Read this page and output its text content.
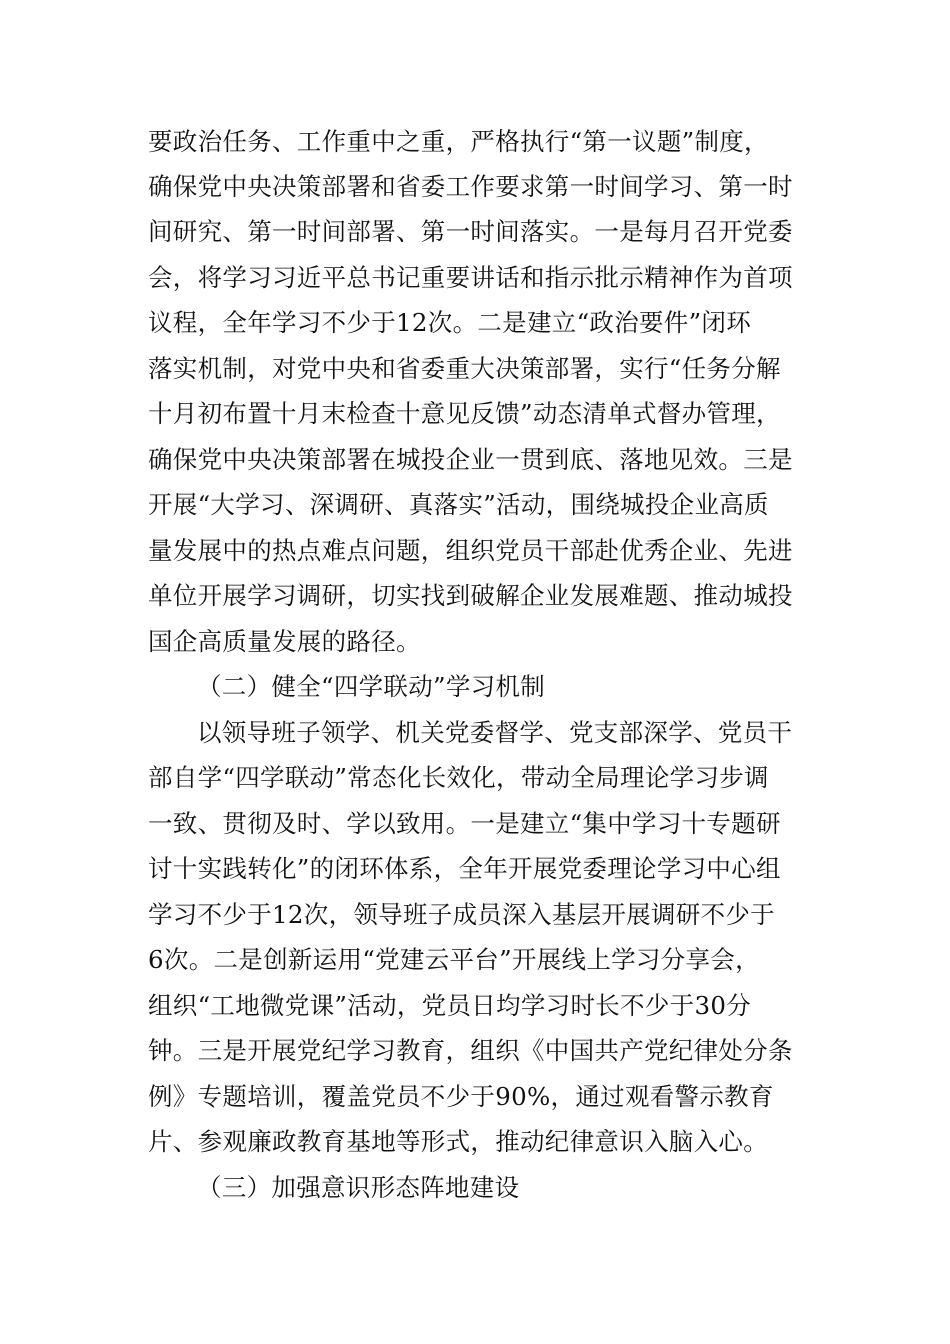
要政治任务、工作重中之重，严格执行“第一议题”制度，
确保党中央决策部署和省委工作要求第一时间学习、第一时
间研究、第一时间部署、第一时间落实。一是每月召开党委
会，将学习习近平总书记重要讲话和指示批示精神作为首项
议程，全年学习不少于12次。二是建立“政治要件”闭环
落实机制，对党中央和省委重大决策部署，实行“任务分解
十月初布置十月末检查十意见反馈”动态清单式督办管理，
确保党中央决策部署在城投企业一贯到底、落地见效。三是
开展“大学习、深调研、真落实”活动，围绕城投企业高质
量发展中的热点难点问题，组织党员干部赴优秀企业、先进
单位开展学习调研，切实找到破解企业发展难题、推动城投
国企高质量发展的路径。
（二）健全“四学联动”学习机制
以领导班子领学、机关党委督学、党支部深学、党员干
部自学“四学联动”常态化长效化，带动全局理论学习步调
一致、贯彻及时、学以致用。一是建立“集中学习十专题研
讨十实践转化”的闭环体系，全年开展党委理论学习中心组
学习不少于12次，领导班子成员深入基层开展调研不少于
6次。二是创新运用“党建云平台”开展线上学习分享会，
组织“工地微党课”活动，党员日均学习时长不少于30分
钟。三是开展党纪学习教育，组织《中国共产党纪律处分条
例》专题培训，覆盖党员不少于90%，通过观看警示教育
片、参观廉政教育基地等形式，推动纪律意识入脑入心。
（三）加强意识形态阵地建设
